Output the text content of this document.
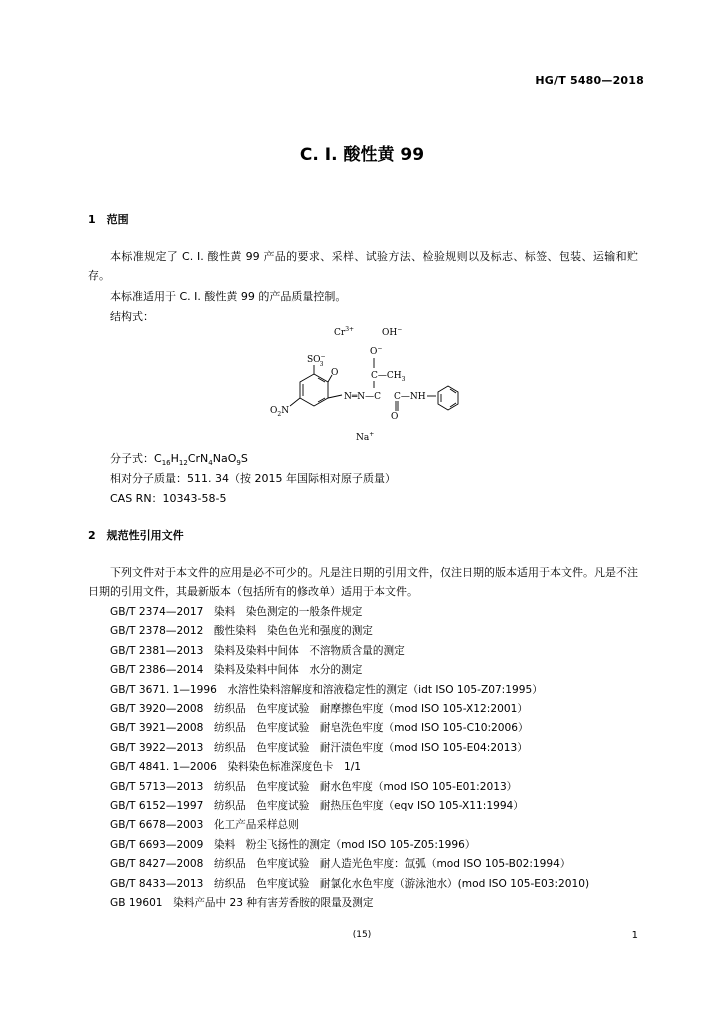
HG/T 5480—2018
C. I. 酸性黄 99
1　范围
本标准规定了 C. I. 酸性黄 99 产品的要求、采样、试验方法、检验规则以及标志、标签、包装、运输和贮存。
本标准适用于 C. I. 酸性黄 99 的产品质量控制。
结构式：
$Cr^{3+}$	OH−
O−
SO− 3
O	$C—CH_3$
N═N—C C—NH
O
$O_2N$
Na+
分子式：$C_{16}H_{12}CrN_4NaO_9S$
相对分子质量：511. 34（按 2015 年国际相对原子质量）
CAS RN：10343-58-5
2　规范性引用文件
下列文件对于本文件的应用是必不可少的。凡是注日期的引用文件，仅注日期的版本适用于本文件。凡是不注日期的引用文件，其最新版本（包括所有的修改单）适用于本文件。
GB/T 2374—2017　染料　染色测定的一般条件规定
GB/T 2378—2012　酸性染料　染色色光和强度的测定
GB/T 2381—2013　染料及染料中间体　不溶物质含量的测定
GB/T 2386—2014　染料及染料中间体　水分的测定
GB/T 3671. 1—1996　水溶性染料溶解度和溶液稳定性的测定（idt ISO 105-Z07:1995）
GB/T 3920—2008　纺织品　色牢度试验　耐摩擦色牢度（mod ISO 105-X12:2001）
GB/T 3921—2008　纺织品　色牢度试验　耐皂洗色牢度（mod ISO 105-C10:2006）
GB/T 3922—2013　纺织品　色牢度试验　耐汗渍色牢度（mod ISO 105-E04:2013）
GB/T 4841. 1—2006　染料染色标准深度色卡　1/1
GB/T 5713—2013　纺织品　色牢度试验　耐水色牢度（mod ISO 105-E01:2013）
GB/T 6152—1997　纺织品　色牢度试验　耐热压色牢度（eqv ISO 105-X11:1994）
GB/T 6678—2003　化工产品采样总则
GB/T 6693—2009　染料　粉尘飞扬性的测定（mod ISO 105-Z05:1996）
GB/T 8427—2008　纺织品　色牢度试验　耐人造光色牢度：氙弧（mod ISO 105-B02:1994）
GB/T 8433—2013　纺织品　色牢度试验　耐氯化水色牢度（游泳池水）(mod ISO 105-E03:2010)
GB 19601　染料产品中 23 种有害芳香胺的限量及测定
(15)	1
